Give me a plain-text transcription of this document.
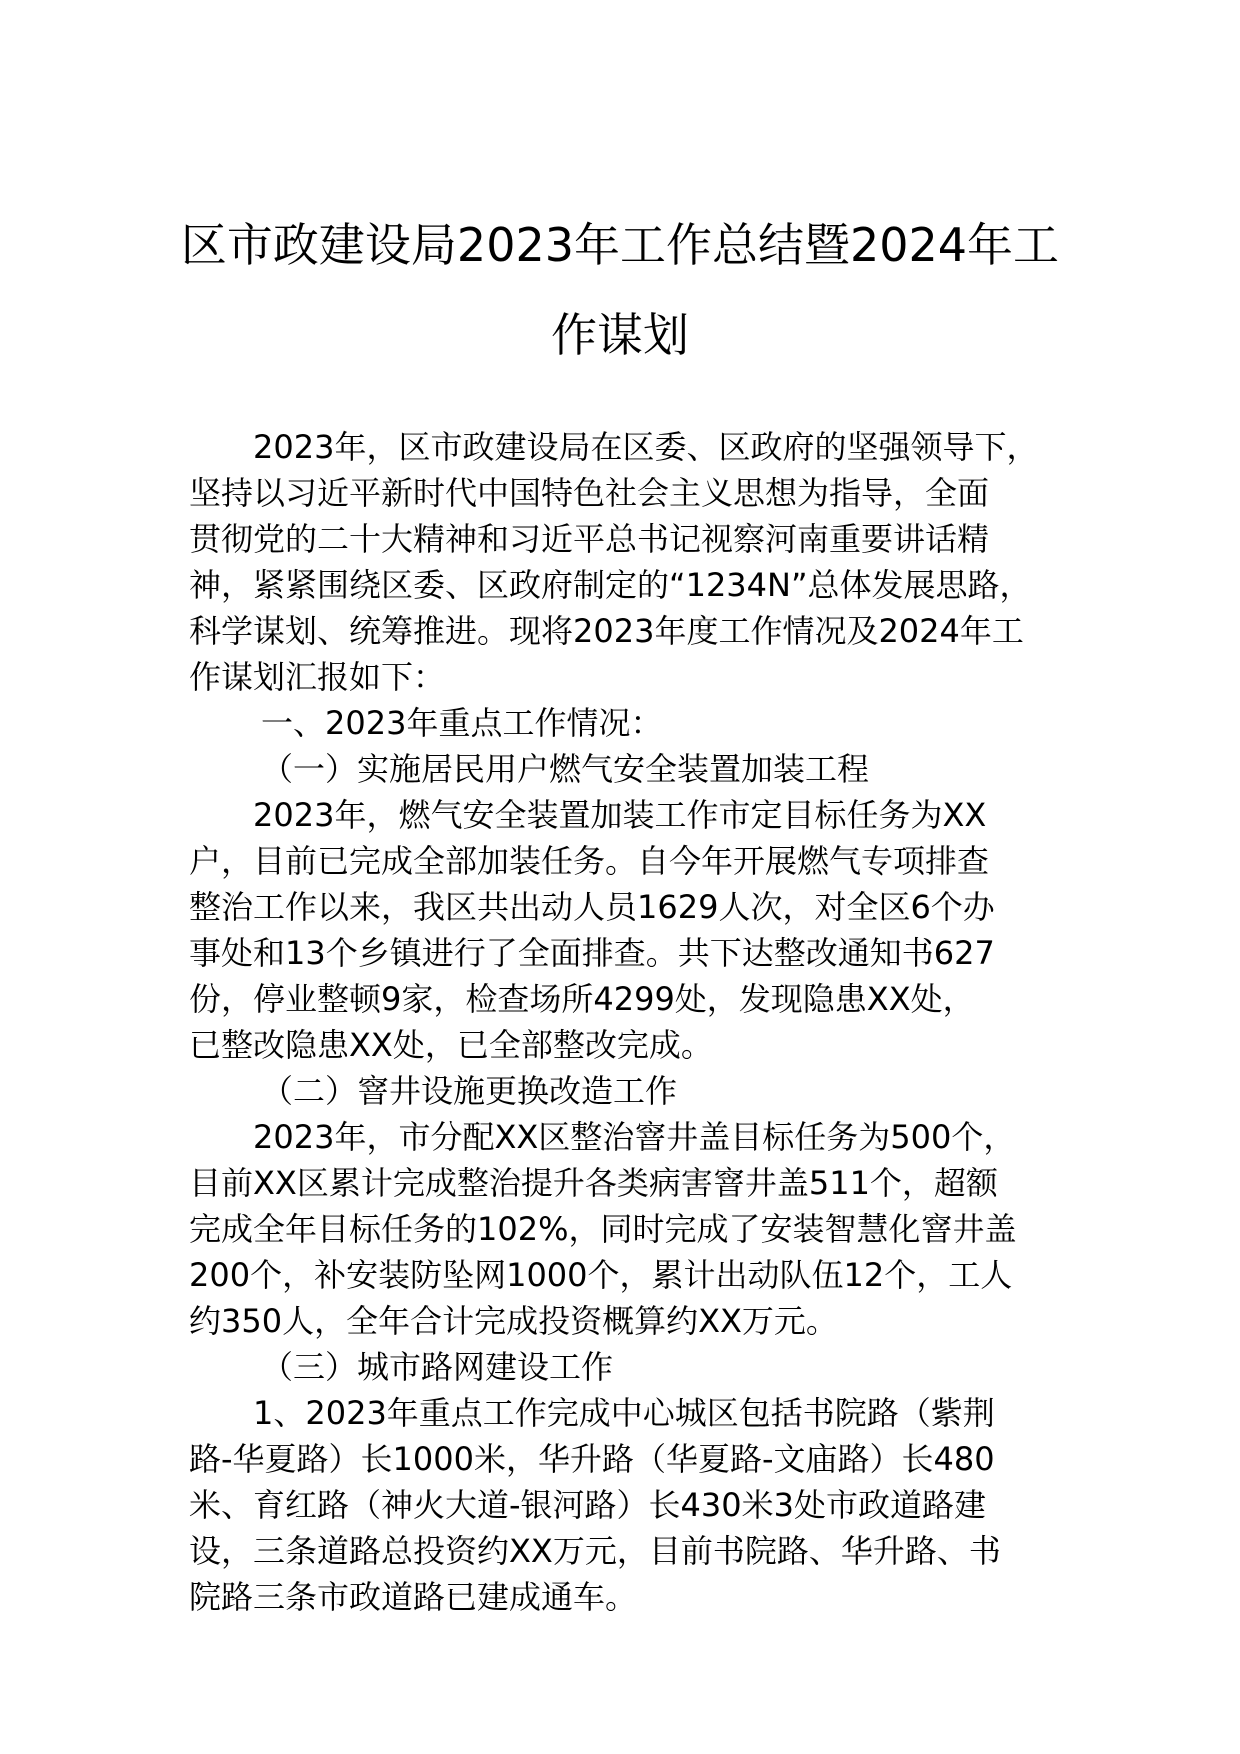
区市政建设局2023年工作总结暨2024年工
作谋划

2023年，区市政建设局在区委、区政府的坚强领导下，

坚持以习近平新时代中国特色社会主义思想为指导，全面

贯彻党的二十大精神和习近平总书记视察河南重要讲话精

神，紧紧围绕区委、区政府制定的“1234N”总体发展思路，

科学谋划、统筹推进。现将2023年度工作情况及2024年工

作谋划汇报如下：

一、2023年重点工作情况：

（一）实施居民用户燃气安全装置加装工程

2023年，燃气安全装置加装工作市定目标任务为XX

户，目前已完成全部加装任务。自今年开展燃气专项排查

整治工作以来，我区共出动人员1629人次，对全区6个办

事处和13个乡镇进行了全面排查。共下达整改通知书627

份，停业整顿9家，检查场所4299处，发现隐患XX处，

已整改隐患XX处，已全部整改完成。

（二）窨井设施更换改造工作

2023年，市分配XX区整治窨井盖目标任务为500个，

目前XX区累计完成整治提升各类病害窨井盖511个，超额

完成全年目标任务的102%，同时完成了安装智慧化窨井盖

200个，补安装防坠网1000个，累计出动队伍12个，工人

约350人，全年合计完成投资概算约XX万元。

（三）城市路网建设工作

1、2023年重点工作完成中心城区包括书院路（紫荆

路-华夏路）长1000米，华升路（华夏路-文庙路）长480

米、育红路（神火大道-银河路）长430米3处市政道路建

设，三条道路总投资约XX万元，目前书院路、华升路、书

院路三条市政道路已建成通车。
